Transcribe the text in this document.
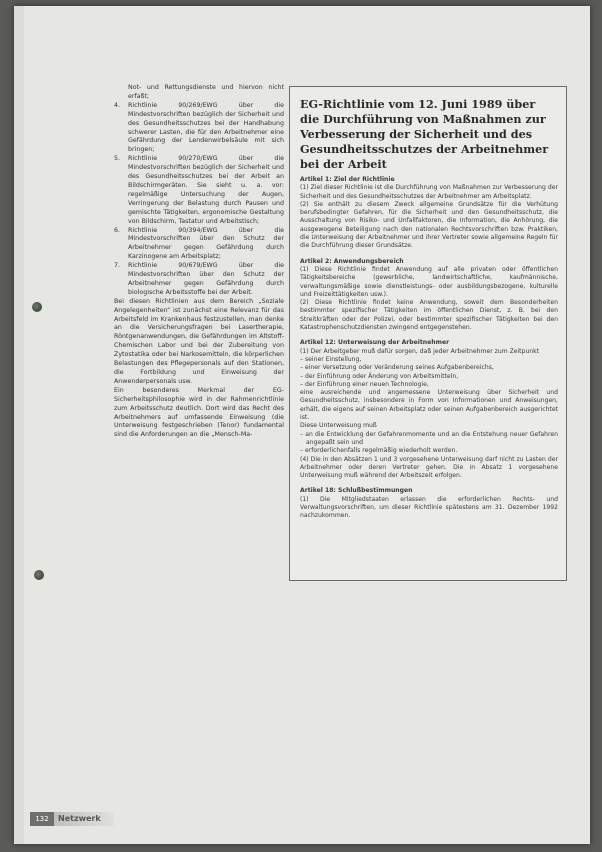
Not- und Rettungsdienste und hiervon nicht erfaßt;

4. Richtlinie 90/269/EWG über die Mindestvorschriften bezüglich der Sicherheit und des Gesundheitsschutzes bei der Handhabung schwerer Lasten, die für den Arbeitnehmer eine Gefährdung der Lendenwirbelsäule mit sich bringen;
5. Richtlinie 90/270/EWG über die Mindestvorschriften bezüglich der Sicherheit und des Gesundheitsschutzes bei der Arbeit an Bildschirmgeräten. Sie sieht u. a. vor: regelmäßige Untersuchung der Augen, Verringerung der Belastung durch Pausen und gemischte Tätigkeiten, ergonomische Gestaltung von Bildschirm, Tastatur und Arbeitstisch;
6. Richtlinie 90/394/EWG über die Mindestvorschriften über den Schutz der Arbeitnehmer gegen Gefährdung durch Karzinogene am Arbeitsplatz;
7. Richtlinie 90/679/EWG über die Mindestvorschriften über den Schutz der Arbeitnehmer gegen Gefährdung durch biologische Arbeitsstoffe bei der Arbeit.

Bei diesen Richtlinien aus dem Bereich „Soziale Angelegenheiten“ ist zunächst eine Relevanz für das Arbeitsfeld im Krankenhaus festzustellen, man denke an die Versicherungsfragen bei Lasertherapie, Röntgenanwendungen, die Gefährdungen im Altstoff-Chemischen Labor und bei der Zubereitung von Zytostatika oder bei Narkosemitteln, die körperlichen Belastungen des Pflegepersonals auf den Stationen, die Fortbildung und Einweisung der Anwenderpersonals usw.

Ein besonderes Merkmal der EG-Sicherheitsphilosophie wird in der Rahmenrichtlinie zum Arbeitsschutz deutlich. Dort wird das Recht des Arbeitnehmers auf umfassende Einweisung (die Unterweisung festgeschrieben (Tenor) fundamental sind die Anforderungen an die „Mensch-Ma-

EG-Richtlinie vom 12. Juni 1989 über die Durchführung von Maßnahmen zur Verbesserung der Sicherheit und des Gesundheitsschutzes der Arbeitnehmer bei der Arbeit

Artikel 1: Ziel der Richtlinie

(1) Ziel dieser Richtlinie ist die Durchführung von Maßnahmen zur Verbesserung der Sicherheit und des Gesundheitsschutzes der Arbeitnehmer am Arbeitsplatz.

(2) Sie enthält zu diesem Zweck allgemeine Grundsätze für die Verhütung berufsbedingter Gefahren, für die Sicherheit und den Gesundheitsschutz, die Ausschaltung von Risiko- und Unfallfaktoren, die Information, die Anhörung, die ausgewogene Beteiligung nach den nationalen Rechtsvorschriften bzw. Praktiken, die Unterweisung der Arbeitnehmer und ihrer Vertreter sowie allgemeine Regeln für die Durchführung dieser Grundsätze.

Artikel 2: Anwendungsbereich

(1) Diese Richtlinie findet Anwendung auf alle privaten oder öffentlichen Tätigkeitsbereiche (gewerbliche, landwirtschaftliche, kaufmännische, verwaltungsmäßige sowie dienstleistungs- oder ausbildungsbezogene, kulturelle und Freizeittätigkeiten usw.).

(2) Diese Richtlinie findet keine Anwendung, soweit dem Besonderheiten bestimmter spezifischer Tätigkeiten im öffentlichen Dienst, z. B. bei den Streitkräften oder der Polizei, oder bestimmter spezifischer Tätigkeiten bei den Katastrophenschutzdiensten zwingend entgegenstehen.

Artikel 12: Unterweisung der Arbeitnehmer

(1) Der Arbeitgeber muß dafür sorgen, daß jeder Arbeitnehmer zum Zeitpunkt

– seiner Einstellung,

– einer Versetzung oder Veränderung seines Aufgabenbereichs,

– der Einführung oder Änderung von Arbeitsmitteln,

– der Einführung einer neuen Technologie,

eine ausreichende und angemessene Unterweisung über Sicherheit und Gesundheitsschutz, insbesondere in Form von Informationen und Anweisungen, erhält, die eigens auf seinen Arbeitsplatz oder seinen Aufgabenbereich ausgerichtet ist.

Diese Unterweisung muß

– an die Entwicklung der Gefahrenmomente und an die Entstehung neuer Gefahren angepaßt sein und

– erforderlichenfalls regelmäßig wiederholt werden.

(4) Die in den Absätzen 1 und 3 vorgesehene Unterweisung darf nicht zu Lasten der Arbeitnehmer oder deren Vertreter gehen. Die in Absatz 1 vorgesehene Unterweisung muß während der Arbeitszeit erfolgen.

Artikel 18: Schlußbestimmungen

(1) Die Mitgliedstaaten erlassen die erforderlichen Rechts- und Verwaltungsvorschriften, um dieser Richtlinie spätestens am 31. Dezember 1992 nachzukommen.

132	Netzwerk
